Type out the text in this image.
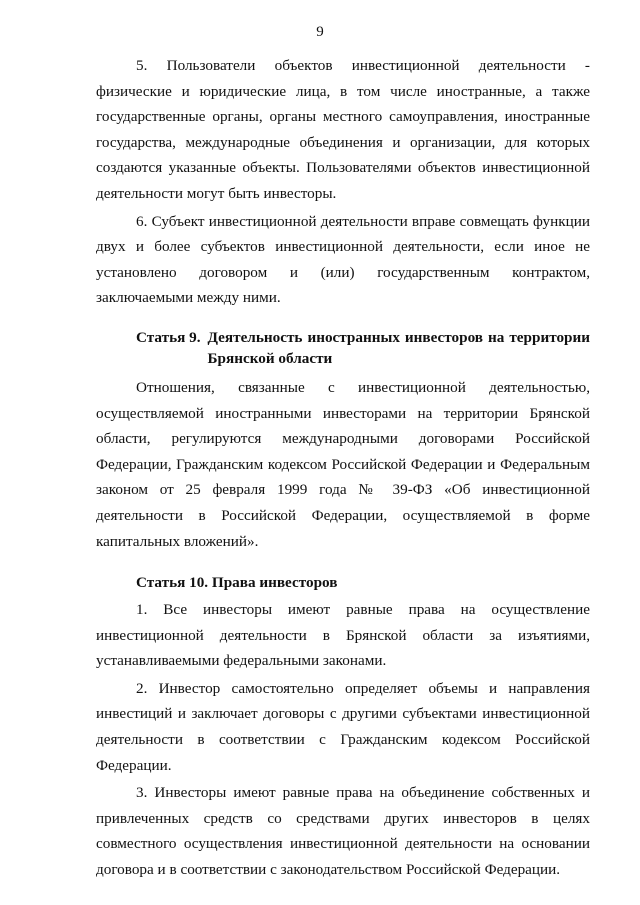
9

5. Пользователи объектов инвестиционной деятельности - физические и юридические лица, в том числе иностранные, а также государственные органы, органы местного самоуправления, иностранные государства, международные объединения и организации, для которых создаются указанные объекты. Пользователями объектов инвестиционной деятельности могут быть инвесторы.

6. Субъект инвестиционной деятельности вправе совмещать функции двух и более субъектов инвестиционной деятельности, если иное не установлено договором и (или) государственным контрактом, заключаемыми между ними.

Статья 9. Деятельность иностранных инвесторов на территории Брянской области

Отношения, связанные с инвестиционной деятельностью, осуществляемой иностранными инвесторами на территории Брянской области, регулируются международными договорами Российской Федерации, Гражданским кодексом Российской Федерации и Федеральным законом от 25 февраля 1999 года № 39-ФЗ «Об инвестиционной деятельности в Российской Федерации, осуществляемой в форме капитальных вложений».

Статья 10. Права инвесторов

1. Все инвесторы имеют равные права на осуществление инвестиционной деятельности в Брянской области за изъятиями, устанавливаемыми федеральными законами.

2. Инвестор самостоятельно определяет объемы и направления инвестиций и заключает договоры с другими субъектами инвестиционной деятельности в соответствии с Гражданским кодексом Российской Федерации.

3. Инвесторы имеют равные права на объединение собственных и привлеченных средств со средствами других инвесторов в целях совместного осуществления инвестиционной деятельности на основании договора и в соответствии с законодательством Российской Федерации.
